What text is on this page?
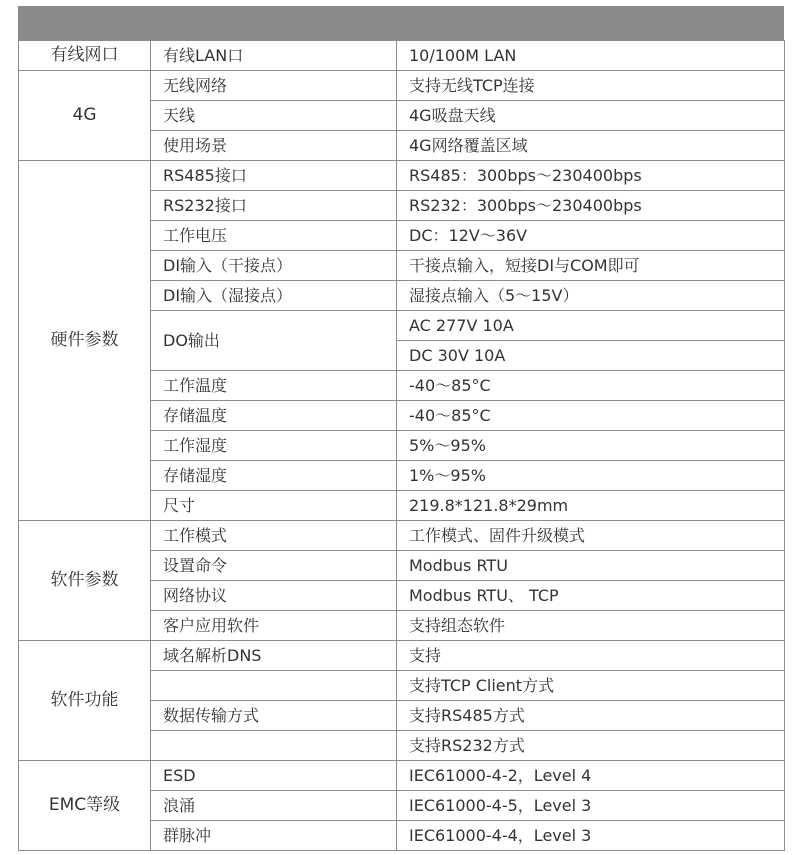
有线网口	有线LAN口	10/100M LAN
4G	无线网络	支持无线TCP连接
	天线	4G吸盘天线
	使用场景	4G网络覆盖区域
硬件参数	RS485接口	RS485：300bps～230400bps
	RS232接口	RS232：300bps～230400bps
	工作电压	DC：12V～36V
	DI输入（干接点）	干接点输入，短接DI与COM即可
	DI输入（湿接点）	湿接点输入（5～15V）
	DO输出	AC 277V 10A
		DC 30V 10A
	工作温度	-40～85°C
	存储温度	-40～85°C
	工作湿度	5%～95%
	存储湿度	1%～95%
	尺寸	219.8*121.8*29mm
软件参数	工作模式	工作模式、固件升级模式
	设置命令	Modbus RTU
	网络协议	Modbus RTU、 TCP
	客户应用软件	支持组态软件
软件功能	域名解析DNS	支持
		支持TCP Client方式
	数据传输方式	支持RS485方式
		支持RS232方式
EMC等级	ESD	IEC61000-4-2，Level 4
	浪涌	IEC61000-4-5，Level 3
	群脉冲	IEC61000-4-4，Level 3
